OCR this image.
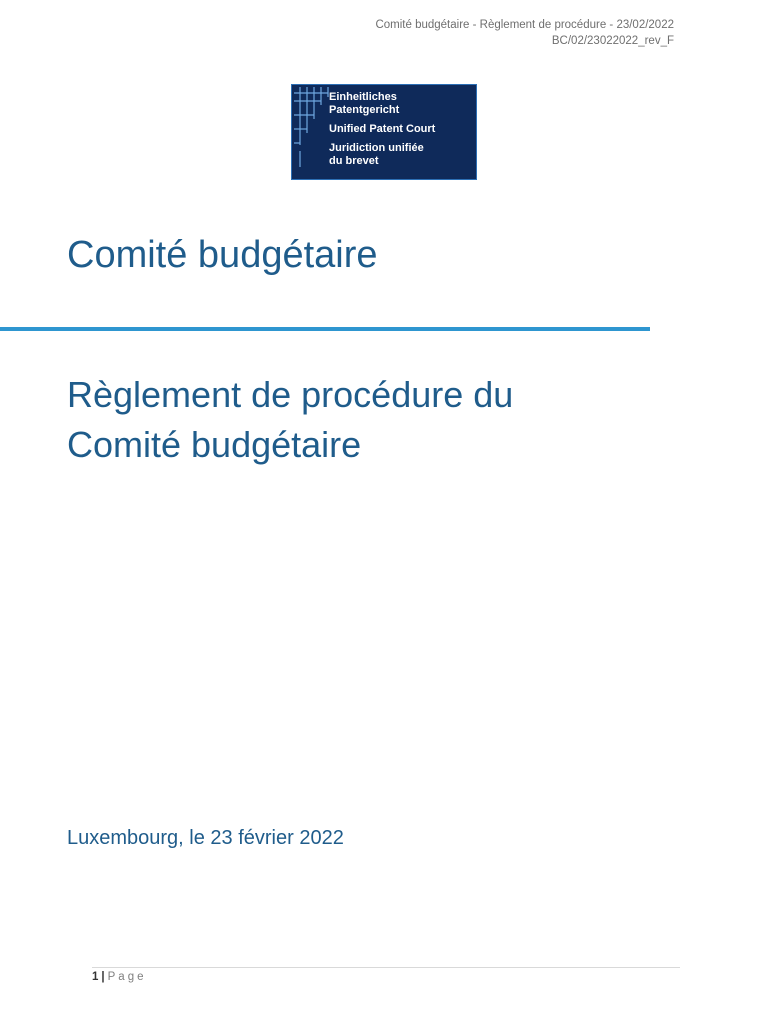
Comité budgétaire - Règlement de procédure - 23/02/2022
BC/02/23022022_rev_F
Einheitliches
Patentgericht
Unified Patent Court
Juridiction unifiée
du brevet
Comité budgétaire
Règlement de procédure du
Comité budgétaire
Luxembourg, le 23 février 2022
1 | Page
